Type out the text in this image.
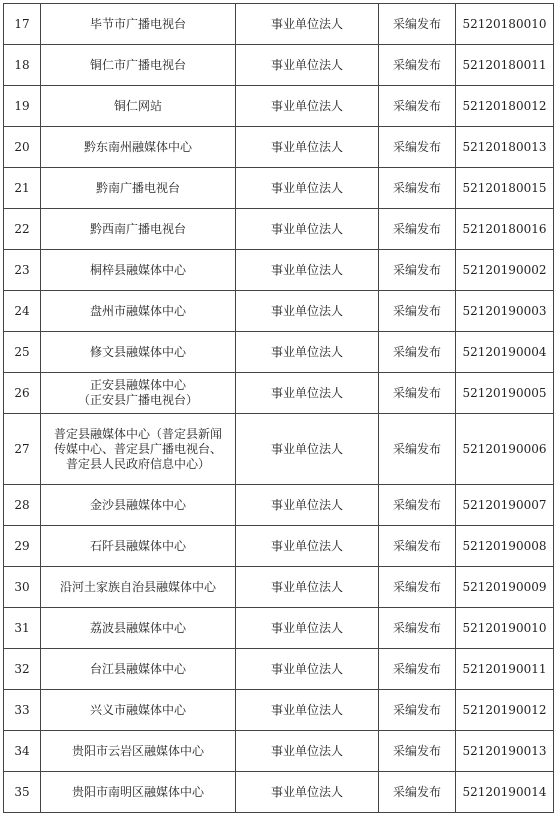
17	毕节市广播电视台	事业单位法人	采编发布	52120180010
18	铜仁市广播电视台	事业单位法人	采编发布	52120180011
19	铜仁网站	事业单位法人	采编发布	52120180012
20	黔东南州融媒体中心	事业单位法人	采编发布	52120180013
21	黔南广播电视台	事业单位法人	采编发布	52120180015
22	黔西南广播电视台	事业单位法人	采编发布	52120180016
23	桐梓县融媒体中心	事业单位法人	采编发布	52120190002
24	盘州市融媒体中心	事业单位法人	采编发布	52120190003
25	修文县融媒体中心	事业单位法人	采编发布	52120190004
26	正安县融媒体中心
（正安县广播电视台）	事业单位法人	采编发布	52120190005
27	普定县融媒体中心（普定县新闻
传媒中心、普定县广播电视台、
普定县人民政府信息中心）	事业单位法人	采编发布	52120190006
28	金沙县融媒体中心	事业单位法人	采编发布	52120190007
29	石阡县融媒体中心	事业单位法人	采编发布	52120190008
30	沿河土家族自治县融媒体中心	事业单位法人	采编发布	52120190009
31	荔波县融媒体中心	事业单位法人	采编发布	52120190010
32	台江县融媒体中心	事业单位法人	采编发布	52120190011
33	兴义市融媒体中心	事业单位法人	采编发布	52120190012
34	贵阳市云岩区融媒体中心	事业单位法人	采编发布	52120190013
35	贵阳市南明区融媒体中心	事业单位法人	采编发布	52120190014
